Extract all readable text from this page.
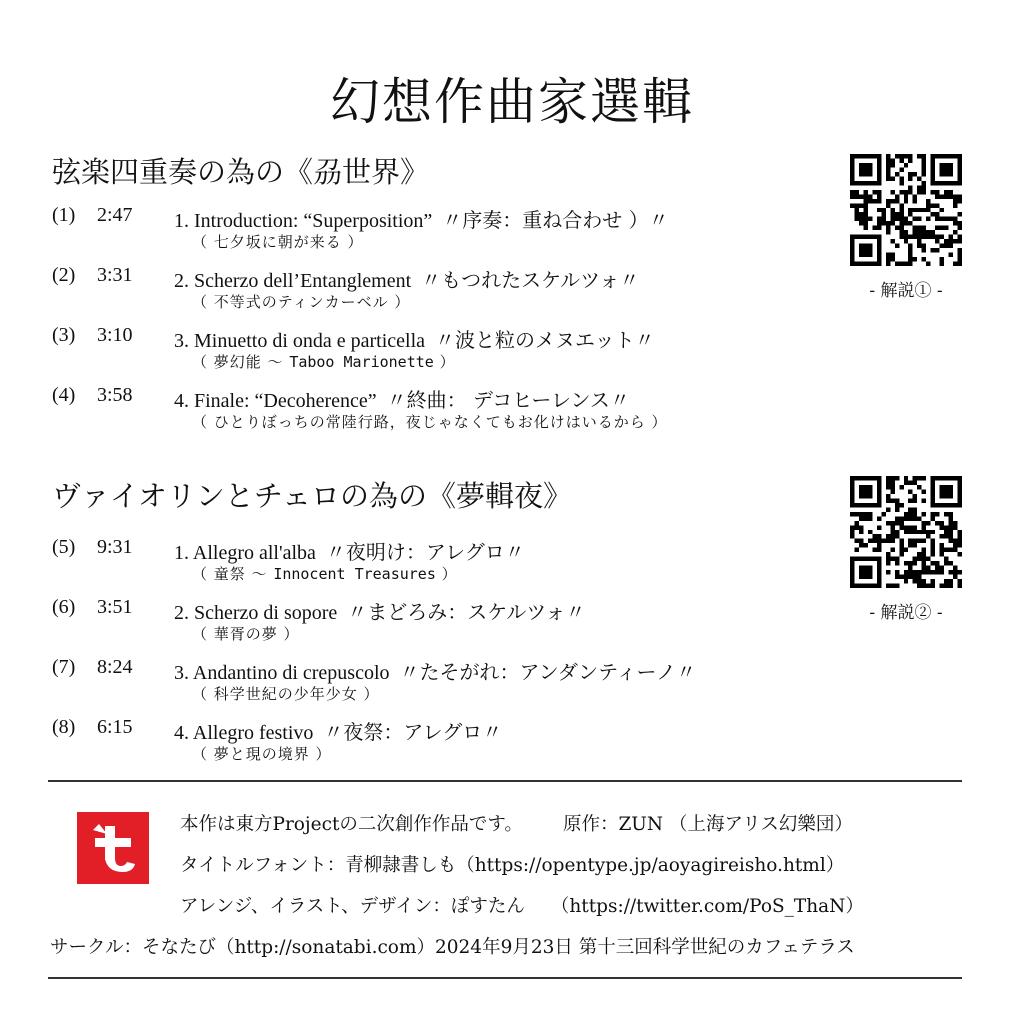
幻想作曲家選輯
弦楽四重奏の為の《刕世界》
(1) 2:47 1. Introduction: “Superposition” 〃序奏：重ね合わせ ）〃
（ 七夕坂に朝が来る ）
(2) 3:31 2. Scherzo dell’Entanglement 〃もつれたスケルツォ〃
（ 不等式のティンカーベル ）
(3) 3:10 3. Minuetto di onda e particella 〃波と粒のメヌエット〃
（ 夢幻能 〜 Taboo Marionette ）
(4) 3:58 4. Finale: “Decoherence” 〃終曲： デコヒーレンス〃
（ ひとりぼっちの常陸行路，夜じゃなくてもお化けはいるから ）
- 解説① -
ヴァイオリンとチェロの為の《夢輯夜》
(5) 9:31 1. Allegro all'alba 〃夜明け：アレグロ〃
（ 童祭 〜 Innocent Treasures ）
(6) 3:51 2. Scherzo di sopore 〃まどろみ：スケルツォ〃
（ 華胥の夢 ）
(7) 8:24 3. Andantino di crepuscolo 〃たそがれ：アンダンティーノ〃
（ 科学世紀の少年少女 ）
(8) 6:15 4. Allegro festivo 〃夜祭：アレグロ〃
（ 夢と現の境界 ）
- 解説② -
本作は東方Projectの二次創作作品です。 原作：ZUN （上海アリス幻樂団）
タイトルフォント：青柳隷書しも（https://opentype.jp/aoyagireisho.html）
アレンジ、イラスト、デザイン：ぽすたん （https://twitter.com/PoS_ThaN）
サークル：そなたび（http://sonatabi.com）2024年9月23日 第十三回科学世紀のカフェテラス
